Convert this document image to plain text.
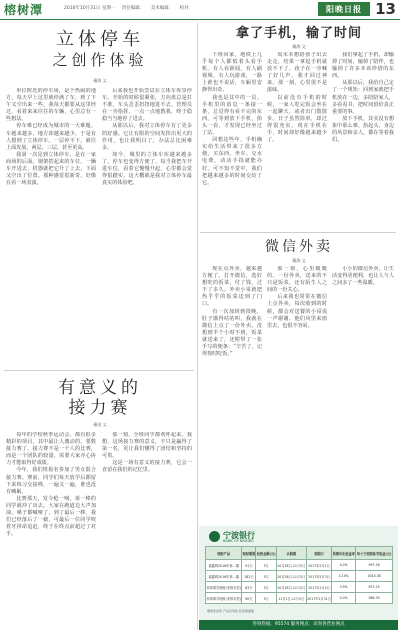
榕树潭	2016年10月31日 星期一 责任编辑： 美术编辑： 校对：	阳晚日报 13
立体停车
之创作体验
戴海 文

单位附近的停车场，是个热闹的地方，每天早上这里就停满了车，到了下午又空出来一些。我每天都要从这里经过，看着来来往往的车辆，心里总有一些想法。

停车难已经成为城市的一大难题。车越来越多，地方却越来越少，于是有人想到了立体停车。一层停不下，就往上面发展，两层、三层，甚至更高。

我第一次见到立体停车，是在一家商场的后面。钢架搭起来的车位，一辆车开进去，机器就把它升了上去，下面又空出了位置。那种感觉很新奇，好像在看一场表演。

后来我也开始尝试在立体车库里停车。开始的时候很紧张，方向盘总是打不准，车头歪歪扭扭地进不去。管理员在一旁指挥，一点一点地教我，终于稳稳当当地停了进去。

从那以后，我对立体停车有了更多的好感。它让有限的空间发挥出更大的作用，也让我明白了，办法总比困难多。

如今，城里的立体车库越来越多了，停车也变得方便了。每当我把车开进车位，看着它慢慢升起，心里都会觉得很踏实。这大概就是我对立体停车最真实的体验吧。

有意义的
接力赛
戴金 文

每年的学校秋季运动会，都有很多精彩的项目，其中最让人激动的，要数接力赛了。接力赛不是一个人的比赛，而是一个团队的较量，需要大家齐心协力才能取得好成绩。

今年，我们班报名参加了男女混合接力赛。赛前，同学们每天放学后都留下来练习交接棒，一遍又一遍，谁也没有喊累。

比赛那天，发令枪一响，第一棒的同学就冲了出去。大家在跑道边大声加油，嗓子都喊哑了。到了最后一棒，我们已经落后了一截，可最后一位同学咬着牙拼命追赶，终于在终点前超过了对手。

那一刻，全班同学都欢呼起来。我想，这场接力赛的意义，不只是赢得了第一名，更让我们懂得了团结和坚持的可贵。

这是一场有意义的接力赛，它会一直留在我们的记忆里。

拿了手机，输了时间
戴海 文

下班回家，地铁上几乎每个人都低着头看手机。有人看新闻，有人刷视频，有人玩游戏，一路上谁也不说话，车厢里安静得出奇。

我也是其中的一员。手机里的消息一条接一条，总觉得有看不完的东西。可等到放下手机，抬头一看，才发现已经坐过了站。

回想这些年，手机确实给生活带来了很多方便。买东西、坐车、交水电费，动动手指就能办好。可不知不觉中，我们把越来越多的时间交给了它。

周末本想陪孩子出去走走，结果一拿起手机就放不下了。孩子在一旁喊了好几声，我才回过神来。那一刻，心里很不是滋味。

以前没有手机的时候，一家人吃完饭会坐在一起聊天，或者出门散散步。日子虽然简单，却过得很充实。现在手机在手，时间却好像越来越少了。

我们拿起了手机，却输掉了时间，输掉了陪伴，也输掉了许多本该珍惜的东西。

从那以后，我给自己定了一个规矩：回到家就把手机放在一边，多陪陪家人，多看看书，把时间留给真正重要的事。

放下手机，其实没有想象中那么难。抬起头，身边的风景和亲人，都在等着我们。

微信外卖
戴海 文

现在点外卖，越来越方便了。打开微信，选好想吃的饭菜，付了钱，过不了多久，外卖小哥就把热乎乎的饭菜送到了门口。

有一次加班到很晚，肚子饿得咕咕叫，我就在微信上点了一份外卖。没想到半个小时不到，饭菜就送来了，还附带了一张手写的便条：“辛苦了，记得按时吃饭。”

那一刻，心里暖暖的。一份外卖，送来的不只是饭菜，还有陌生人之间的一份关心。

后来我也常常在微信上点外卖，每次收到的时候，都会对送餐的小哥说一声谢谢。他们风里来雨里去，也很不容易。

小小的微信外卖，让生活变得更便利，也让人与人之间多了一些温暖。

宁波银行
BANK OF NINGBO
理财产品	理财期限	起售金额(元)	认购期	到期日	预期年化收益率	每十万到期参考收益(元)
嘉鑫利2016年第…期	91天	5万	10月28日-11月2日	2017年2月1日	4.0%	997.26
嘉鑫利2016年第…期	182天	5万	10月28日-11月2日	2017年5月3日	4.10%	2044.38
机构尊享理财(非保本型)	63天	5万	10月28日-11月2日	2017年1月4日	3.9%	673.15
机构尊享理财(非保本型)	90天	5万	11月1日-11月2日	2017年1月31日	4.0%	986.30
理财非存款 产品有风险 投资须谨慎
咨询热线：95574 服务网点：详询各营业网点
